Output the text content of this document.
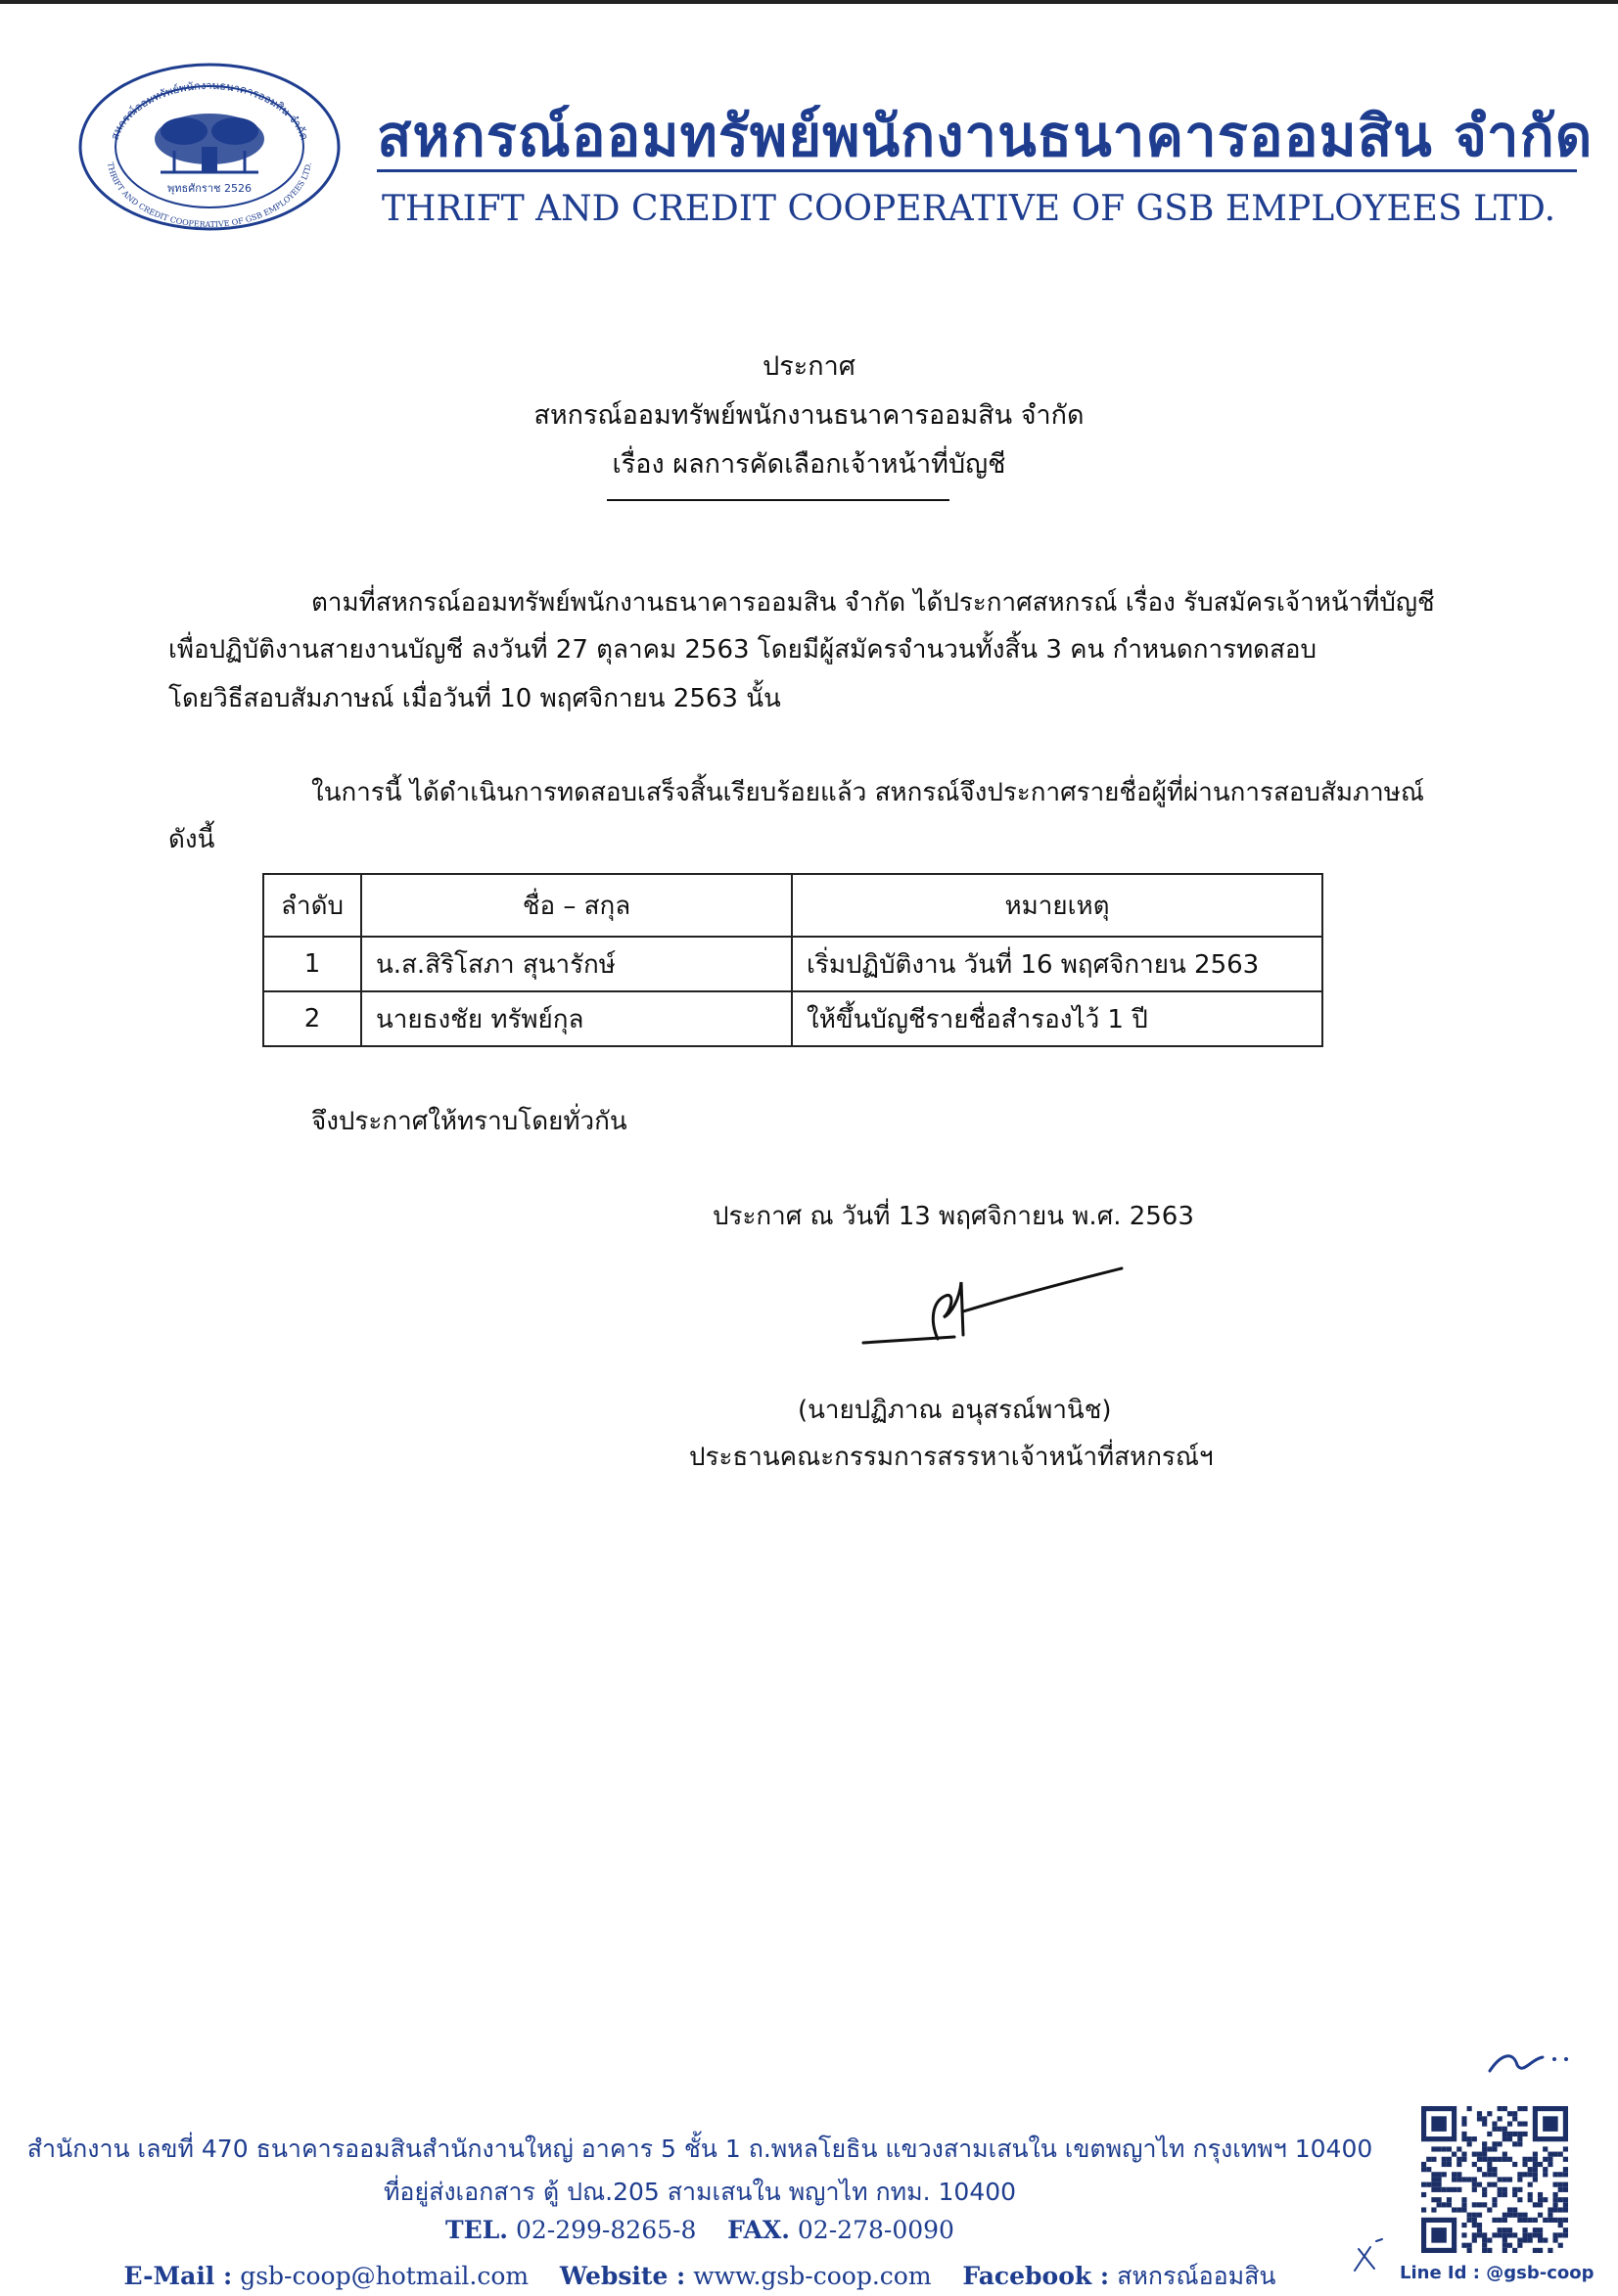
สหกรณ์ออมทรัพย์พนักงานธนาคารออมสิน จำกัด
THRIFT AND CREDIT COOPERATIVE OF GSB EMPLOYEES LTD.
พุทธศักราช 2526
สหกรณ์ออมทรัพย์พนักงานธนาคารออมสิน จำกัด
THRIFT AND CREDIT COOPERATIVE OF GSB EMPLOYEES LTD.
ประกาศ
สหกรณ์ออมทรัพย์พนักงานธนาคารออมสิน จำกัด
เรื่อง ผลการคัดเลือกเจ้าหน้าที่บัญชี
ตามที่สหกรณ์ออมทรัพย์พนักงานธนาคารออมสิน จำกัด ได้ประกาศสหกรณ์ เรื่อง รับสมัครเจ้าหน้าที่บัญชี
เพื่อปฏิบัติงานสายงานบัญชี ลงวันที่ 27 ตุลาคม 2563 โดยมีผู้สมัครจำนวนทั้งสิ้น 3 คน กำหนดการทดสอบ
โดยวิธีสอบสัมภาษณ์ เมื่อวันที่ 10 พฤศจิกายน 2563 นั้น
ในการนี้ ได้ดำเนินการทดสอบเสร็จสิ้นเรียบร้อยแล้ว สหกรณ์จึงประกาศรายชื่อผู้ที่ผ่านการสอบสัมภาษณ์
ดังนี้
ลำดับ	ชื่อ – สกุล	หมายเหตุ
1	น.ส.สิริโสภา สุนารักษ์	เริ่มปฏิบัติงาน วันที่ 16 พฤศจิกายน 2563
2	นายธงชัย ทรัพย์กุล	ให้ขึ้นบัญชีรายชื่อสำรองไว้ 1 ปี
จึงประกาศให้ทราบโดยทั่วกัน
ประกาศ ณ วันที่ 13 พฤศจิกายน พ.ศ. 2563
(นายปฏิภาณ อนุสรณ์พานิช)
ประธานคณะกรรมการสรรหาเจ้าหน้าที่สหกรณ์ฯ
สำนักงาน เลขที่ 470 ธนาคารออมสินสำนักงานใหญ่ อาคาร 5 ชั้น 1 ถ.พหลโยธิน แขวงสามเสนใน เขตพญาไท กรุงเทพฯ 10400
ที่อยู่ส่งเอกสาร ตู้ ปณ.205 สามเสนใน พญาไท กทม. 10400
TEL. 02-299-8265-8 FAX. 02-278-0090
E-Mail : gsb-coop@hotmail.com Website : www.gsb-coop.com Facebook : สหกรณ์ออมสิน	Line Id : @gsb-coop
